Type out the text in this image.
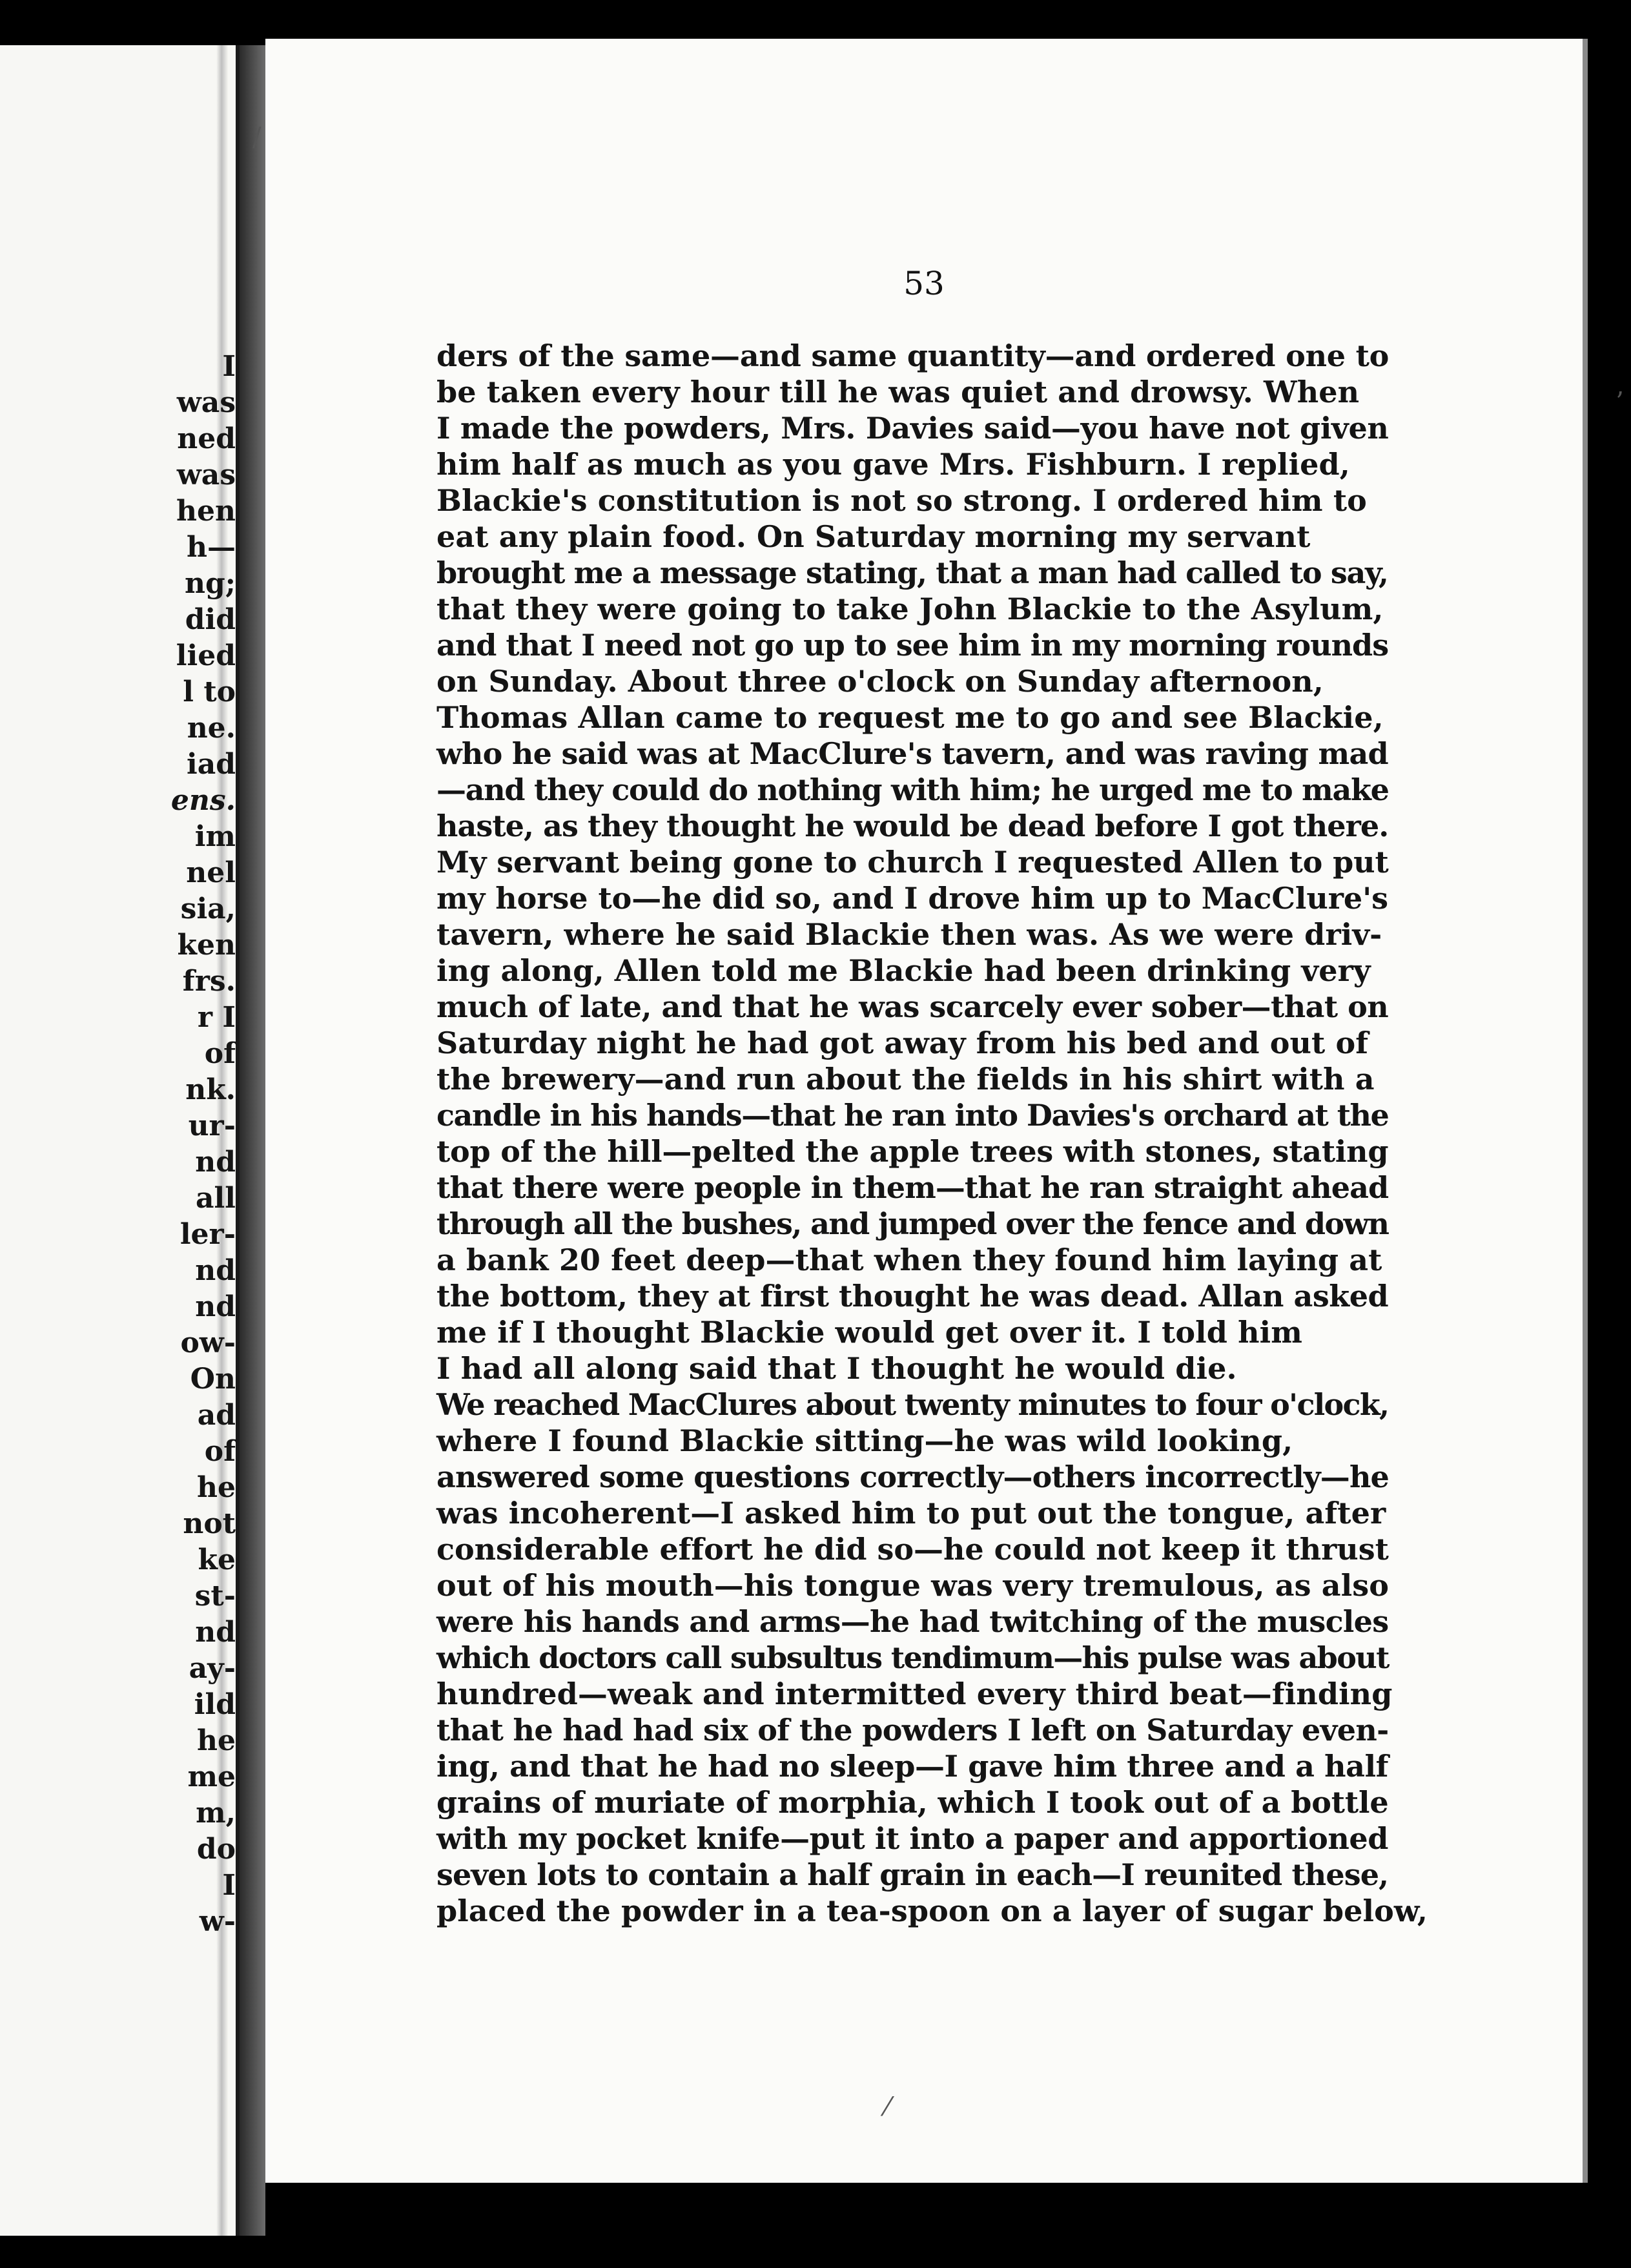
I
was
ned
was
hen
h—
ng;
did
lied
l to
ne.
iad
ens.
im
nel
sia,
ken
frs.
r I
of
nk.
ur-
nd
all
ler-
nd
nd
ow-
On
ad
of
he
not
ke
st-
nd
ay-
ild
he
me
m,
do
I
w-
53
ders of the same—and same quantity—and ordered one to
be taken every hour till he was quiet and drowsy. When
I made the powders, Mrs. Davies said—you have not given
him half as much as you gave Mrs. Fishburn. I replied,
Blackie's constitution is not so strong. I ordered him to
eat any plain food. On Saturday morning my servant
brought me a message stating, that a man had called to say,
that they were going to take John Blackie to the Asylum,
and that I need not go up to see him in my morning rounds
on Sunday. About three o'clock on Sunday afternoon,
Thomas Allan came to request me to go and see Blackie,
who he said was at MacClure's tavern, and was raving mad
—and they could do nothing with him; he urged me to make
haste, as they thought he would be dead before I got there.
My servant being gone to church I requested Allen to put
my horse to—he did so, and I drove him up to MacClure's
tavern, where he said Blackie then was. As we were driv-
ing along, Allen told me Blackie had been drinking very
much of late, and that he was scarcely ever sober—that on
Saturday night he had got away from his bed and out of
the brewery—and run about the fields in his shirt with a
candle in his hands—that he ran into Davies's orchard at the
top of the hill—pelted the apple trees with stones, stating
that there were people in them—that he ran straight ahead
through all the bushes, and jumped over the fence and down
a bank 20 feet deep—that when they found him laying at
the bottom, they at first thought he was dead. Allan asked
me if I thought Blackie would get over it. I told him
I had all along said that I thought he would die.
We reached MacClures about twenty minutes to four o'clock,
where I found Blackie sitting—he was wild looking,
answered some questions correctly—others incorrectly—he
was incoherent—I asked him to put out the tongue, after
considerable effort he did so—he could not keep it thrust
out of his mouth—his tongue was very tremulous, as also
were his hands and arms—he had twitching of the muscles
which doctors call subsultus tendimum—his pulse was about
hundred—weak and intermitted every third beat—finding
that he had had six of the powders I left on Saturday even-
ing, and that he had no sleep—I gave him three and a half
grains of muriate of morphia, which I took out of a bottle
with my pocket knife—put it into a paper and apportioned
seven lots to contain a half grain in each—I reunited these,
placed the powder in a tea-spoon on a layer of sugar below,
/
ʼ
⁄
